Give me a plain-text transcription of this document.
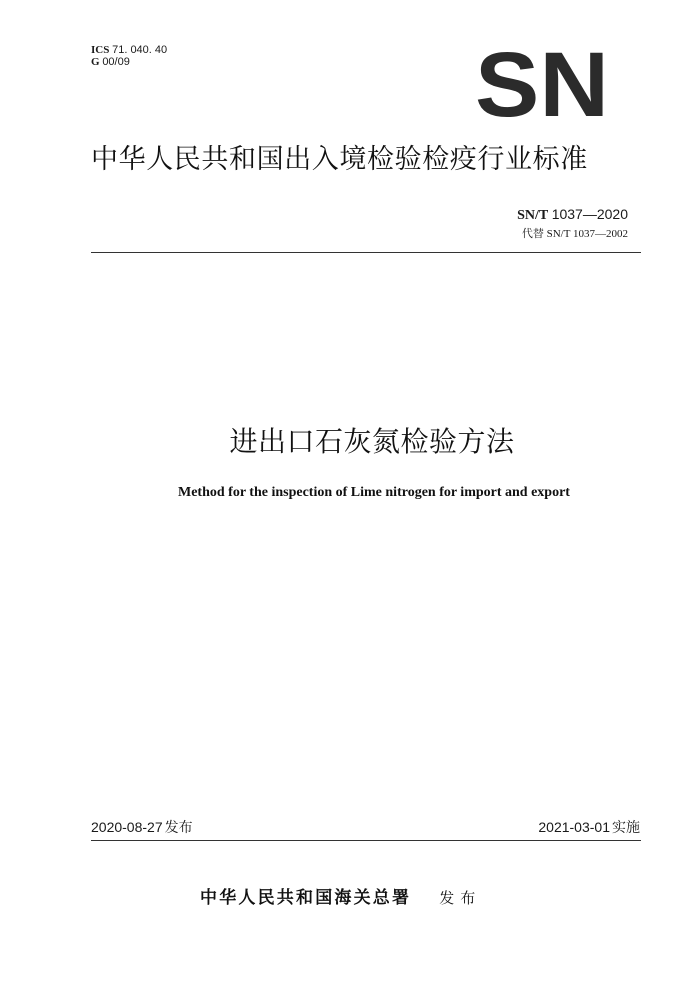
ICS 71. 040. 40
G 00/09	SN
中华人民共和国出入境检验检疫行业标准
SN/T 1037—2020
代替 SN/T 1037—2002
进出口石灰氮检验方法
Method for the inspection of Lime nitrogen for import and export
2020-08-27 发布	2021-03-01 实施
中华人民共和国海关总署 发布
